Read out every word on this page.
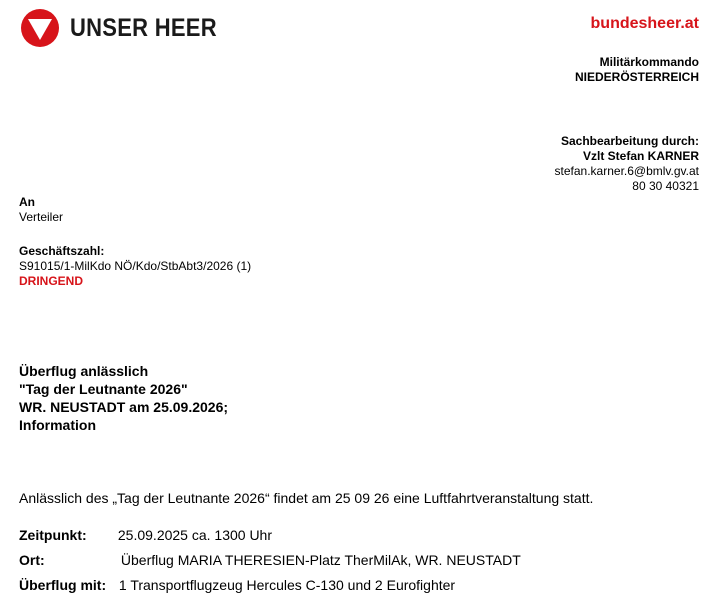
UNSER HEER	bundesheer.at
Militärkommando
NIEDERÖSTERREICH
Sachbearbeitung durch:
Vzlt Stefan KARNER
stefan.karner.6@bmlv.gv.at
80 30 40321
An
Verteiler
Geschäftszahl:
S91015/1-MilKdo NÖ/Kdo/StbAbt3/2026 (1)
DRINGEND
Überflug anlässlich
"Tag der Leutnante 2026"
WR. NEUSTADT am 25.09.2026;
Information
Anlässlich des „Tag der Leutnante 2026“ findet am 25 09 26 eine Luftfahrtveranstaltung statt.
Zeitpunkt: 25.09.2025 ca. 1300 Uhr
Ort:	Überflug MARIA THERESIEN-Platz TherMilAk, WR. NEUSTADT
Überflug mit: 1 Transportflugzeug Hercules C-130 und 2 Eurofighter
